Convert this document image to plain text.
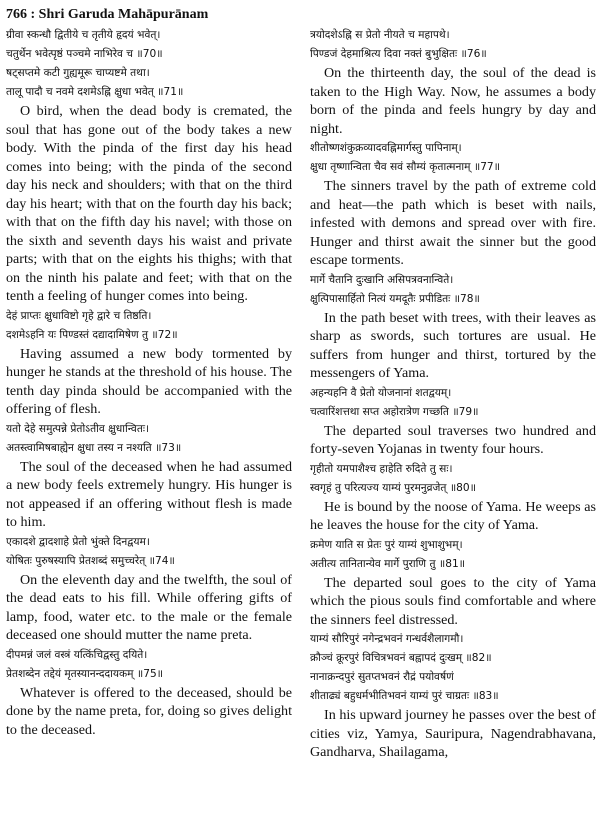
766 : Shri Garuda Mahāpurānam
ग्रीवा स्कन्धौ द्वितीये च तृतीये हृदयं भवेत्।
चतुर्थेन भवेत्पृष्ठं पञ्चमे नाभिरेव च ॥70॥
षट्सप्तमे कटी गुह्यमूरू चाप्यष्टमे तथा।
तालू पादौ च नवमे दशमेऽह्नि क्षुधा भवेत् ॥71॥
O bird, when the dead body is cremated, the soul that has gone out of the body takes a new body. With the pinda of the first day his head comes into being; with the pinda of the second day his neck and shoulders; with that on the third day his heart; with that on the fourth day his back; with that on the fifth day his navel; with those on the sixth and seventh days his waist and private parts; with that on the eights his thighs; with that on the ninth his palate and feet; with that on the tenth a feeling of hunger comes into being.
देहं प्राप्तः क्षुधाविष्टो गृहे द्वारे च तिष्ठति।
दशमेऽहनि यः पिण्डस्तं दद्यादामिषेण तु ॥72॥
Having assumed a new body tormented by hunger he stands at the threshold of his house. The tenth day pinda should be accompanied with the offering of flesh.
यतो देहे समुत्पन्ने प्रेतोऽतीव क्षुधान्वितः।
अतस्त्वामिषबाह्येन क्षुधा तस्य न नश्यति ॥73॥
The soul of the deceased when he had assumed a new body feels extremely hungry. His hunger is not appeased if an offering without flesh is made to him.
एकादशे द्वादशाहे प्रेतो भुंक्ते दिनद्वयम।
योषितः पुरुषस्यापि प्रेतशब्दं समुच्चरेत् ॥74॥
On the eleventh day and the twelfth, the soul of the dead eats to his fill. While offering gifts of lamp, food, water etc. to the male or the female deceased one should mutter the name preta.
दीपमन्नं जलं वस्त्रं यत्किंचिद्वस्तु दयिते।
प्रेतशब्देन तद्देयं मृतस्यानन्ददायकम् ॥75॥
Whatever is offered to the deceased, should be done by the name preta, for, doing so gives delight to the deceased.
त्रयोदशेऽह्नि स प्रेतो नीयते च महापथे।
पिण्डजं देहमाश्रित्य दिवा नक्तं बुभुक्षितः ॥76॥
On the thirteenth day, the soul of the dead is taken to the High Way. Now, he assumes a body born of the pinda and feels hungry by day and night.
शीतोष्णशंकुक्रव्यादवह्निमार्गस्तु पापिनाम्।
क्षुधा तृष्णान्विता चैव सवं सौम्यं कृतात्मनाम् ॥77॥
The sinners travel by the path of extreme cold and heat—the path which is beset with nails, infested with demons and spread over with fire. Hunger and thirst await the sinner but the good escape torments.
मार्गे चैतानि दुःखानि असिपत्रवनान्विते।
क्षुत्पिपासार्हितो नित्यं यमदूतैः प्रपीडितः ॥78॥
In the path beset with trees, with their leaves as sharp as swords, such tortures are usual. He suffers from hunger and thirst, tortured by the messengers of Yama.
अहन्यहनि वै प्रेतो योजनानां शतद्वयम्।
चत्वारिंशत्तथा सप्त अहोरात्रेण गच्छति ॥79॥
The departed soul traverses two hundred and forty-seven Yojanas in twenty four hours.
गृहीतो यमपाशैश्च हाहेति रुदिते तु सः।
स्वगृहं तु परित्यज्य याम्यं पुरमनुव्रजेत् ॥80॥
He is bound by the noose of Yama. He weeps as he leaves the house for the city of Yama.
क्रमेण याति स प्रेतः पुरं याम्यं शुभाशुभम्।
अतीत्य तानितान्येव मार्गे पुराणि तु ॥81॥
The departed soul goes to the city of Yama which the pious souls find comfortable and where the sinners feel distressed.
याम्यं सौरिपुरं नगेन्द्रभवनं गन्धर्वशैलागमौ।
क्रौञ्चं क्रूरपुरं विचित्रभवनं बह्वापदं दुःखम् ॥82॥
नानाक्रन्दपुरं सुतप्तभवनं रौद्रं पयोवर्षणं
शीताढ्यं बहुधर्मभीतिभवनं याम्यं पुरं चाग्रतः ॥83॥
In his upward journey he passes over the best of cities viz, Yamya, Sauripura, Nagendrabhavana, Gandharva, Shailagama,
